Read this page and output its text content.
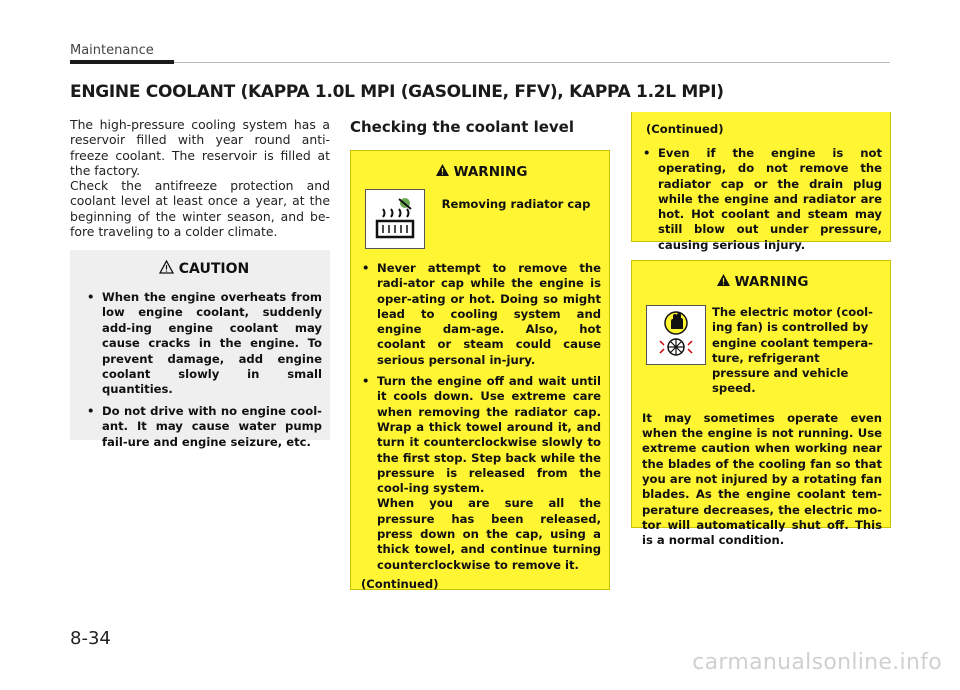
Maintenance
ENGINE COOLANT (KAPPA 1.0L MPI (GASOLINE, FFV), KAPPA 1.2L MPI)

The high-pressure cooling system has a reservoir filled with year round anti-freeze coolant. The reservoir is filled at the factory.

Check the antifreeze protection and coolant level at least once a year, at the beginning of the winter season, and be-fore traveling to a colder climate.

CAUTION
• When the engine overheats from low engine coolant, suddenly add-ing engine coolant may cause cracks in the engine. To prevent damage, add engine coolant slowly in small quantities.
• Do not drive with no engine cool-ant. It may cause water pump fail-ure and engine seizure, etc.
Checking the coolant level
WARNING
Removing radiator cap
• Never attempt to remove the radi-ator cap while the engine is oper-ating or hot. Doing so might lead to cooling system and engine dam-age. Also, hot coolant or steam could cause serious personal in-jury.
• Turn the engine off and wait until it cools down. Use extreme care when removing the radiator cap. Wrap a thick towel around it, and turn it counterclockwise slowly to the first stop. Step back while the pressure is released from the cool-ing system.
When you are sure all the pressure has been released, press down on the cap, using a thick towel, and continue turning counterclockwise to remove it.
(Continued)
(Continued)
• Even if the engine is not operating, do not remove the radiator cap or the drain plug while the engine and radiator are hot. Hot coolant and steam may still blow out under pressure, causing serious injury.
WARNING
The electric motor (cool-ing fan) is controlled by engine coolant tempera-ture, refrigerant pressure and vehicle speed.
It may sometimes operate even when the engine is not running. Use extreme caution when working near the blades of the cooling fan so that you are not injured by a rotating fan blades. As the engine coolant tem-perature decreases, the electric mo-tor will automatically shut off. This is a normal condition.
8-34
carmanualsonline.info
